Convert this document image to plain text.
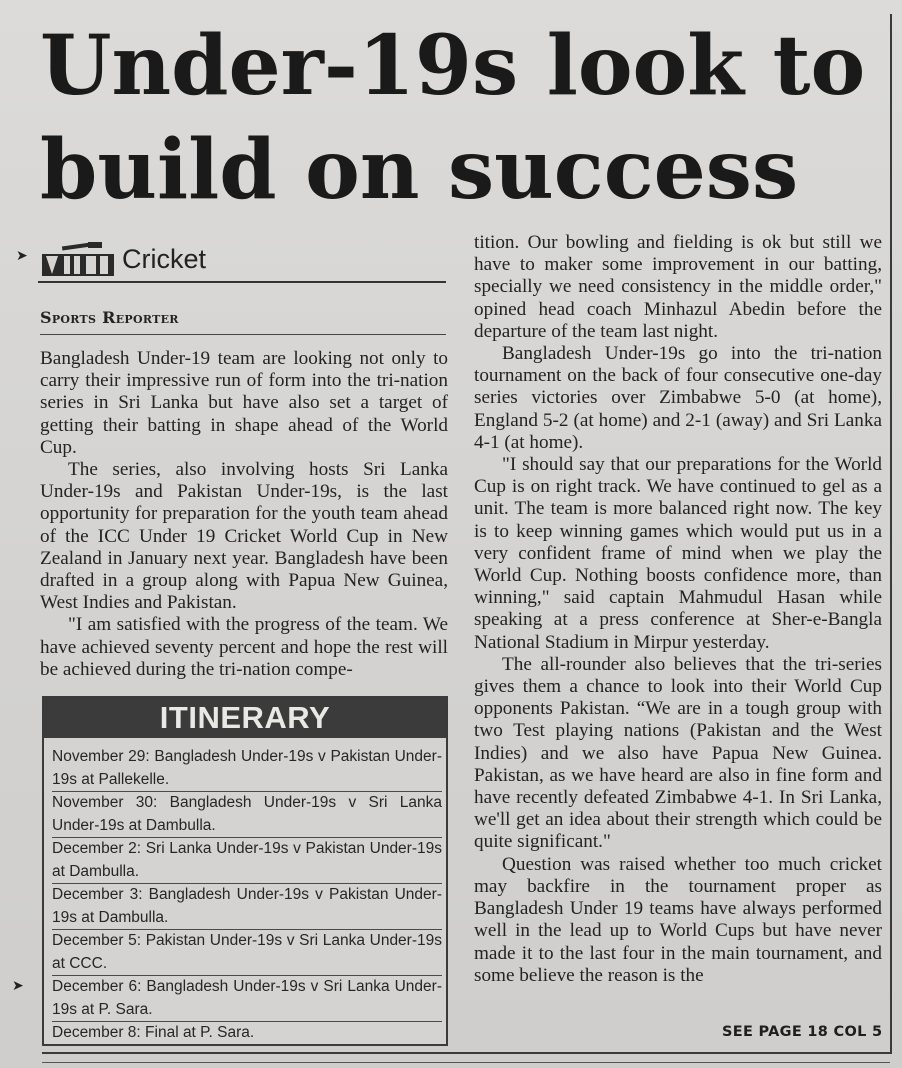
Under-19s look to
build on success
➤
➤
Cricket
Sports Reporter

Bangladesh Under-19 team are looking not only to carry their impressive run of form into the tri-nation series in Sri Lanka but have also set a target of getting their batting in shape ahead of the World Cup.

The series, also involving hosts Sri Lanka Under-19s and Pakistan Under-19s, is the last opportunity for preparation for the youth team ahead of the ICC Under 19 Cricket World Cup in New Zealand in January next year. Bangladesh have been drafted in a group along with Papua New Guinea, West Indies and Pakistan.

"I am satisfied with the progress of the team. We have achieved seventy percent and hope the rest will be achieved during the tri-nation compe-

ITINERARY
November 29: Bangladesh Under-19s v Pakistan Under-19s at Pallekelle.
November 30: Bangladesh Under-19s v Sri Lanka Under-19s at Dambulla.
December 2: Sri Lanka Under-19s v Pakistan Under-19s at Dambulla.
December 3: Bangladesh Under-19s v Pakistan Under-19s at Dambulla.
December 5: Pakistan Under-19s v Sri Lanka Under-19s at CCC.
December 6: Bangladesh Under-19s v Sri Lanka Under-19s at P. Sara.
December 8: Final at P. Sara.

tition. Our bowling and fielding is ok but still we have to maker some improvement in our batting, specially we need consistency in the middle order," opined head coach Minhazul Abedin before the departure of the team last night.

Bangladesh Under-19s go into the tri-nation tournament on the back of four consecutive one-day series victories over Zimbabwe 5-0 (at home), England 5-2 (at home) and 2-1 (away) and Sri Lanka 4-1 (at home).

"I should say that our preparations for the World Cup is on right track. We have continued to gel as a unit. The team is more balanced right now. The key is to keep winning games which would put us in a very confident frame of mind when we play the World Cup. Nothing boosts confidence more, than winning," said captain Mahmudul Hasan while speaking at a press conference at Sher-e-Bangla National Stadium in Mirpur yesterday.

The all-rounder also believes that the tri-series gives them a chance to look into their World Cup opponents Pakistan. “We are in a tough group with two Test playing nations (Pakistan and the West Indies) and we also have Papua New Guinea. Pakistan, as we have heard are also in fine form and have recently defeated Zimbabwe 4-1. In Sri Lanka, we'll get an idea about their strength which could be quite significant."

Question was raised whether too much cricket may backfire in the tournament proper as Bangladesh Under 19 teams have always performed well in the lead up to World Cups but have never made it to the last four in the main tournament, and some believe the reason is the

SEE PAGE 18 COL 5
